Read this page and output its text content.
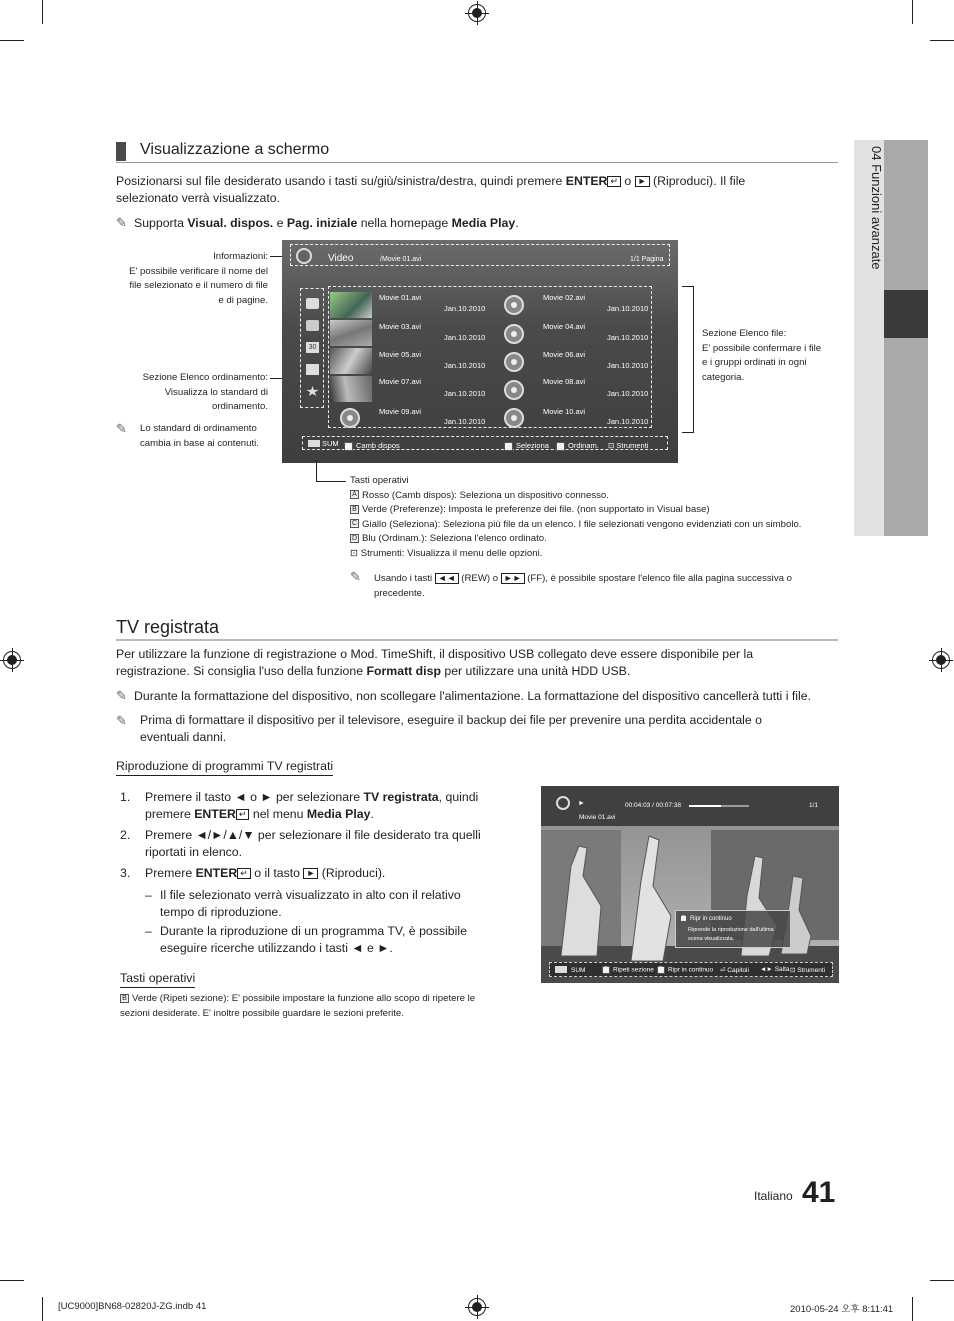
04 Funzioni avanzate
Visualizzazione a schermo
Posizionarsi sul file desiderato usando i tasti su/giù/sinistra/destra, quindi premere ENTER ↵ o ► (Riproduci). Il file
selezionato verrà visualizzato.
✎ Supporta Visual. dispos. e Pag. iniziale nella homepage Media Play.
Informazioni:
E' possibile verificare il nome del
file selezionato e il numero di file
e di pagine.
Sezione Elenco ordinamento:
Visualizza lo standard di
ordinamento.
✎	Lo standard di ordinamento
cambia in base ai contenuti.
Sezione Elenco file:
E' possibile confermare i file
e i gruppi ordinati in ogni
categoria.
Video	/Movie 01.avi	1/1 Pagina
30
Movie 01.avi
Jan.10.2010
Movie 02.avi
Jan.10.2010
Movie 03.avi
Jan.10.2010
Movie 04.avi
Jan.10.2010
Movie 05.avi
Jan.10.2010
Movie 06.avi
Jan.10.2010
Movie 07.avi
Jan.10.2010
Movie 08.avi
Jan.10.2010
Movie 09.avi
Jan.10.2010
Movie 10.avi
Jan.10.2010
SUM	A Camb dispos	C Seleziona D Ordinam. ⊡ Strumenti
Tasti operativi
A Rosso (Camb dispos): Seleziona un dispositivo connesso.
B Verde (Preferenze): Imposta le preferenze dei file. (non supportato in Visual base)
C Giallo (Seleziona): Seleziona più file da un elenco. I file selezionati vengono evidenziati con un simbolo.
D Blu (Ordinam.): Seleziona l'elenco ordinato.
⊡ Strumenti: Visualizza il menu delle opzioni.
✎	Usando i tasti ◄◄ (REW) o ►► (FF), è possibile spostare l'elenco file alla pagina successiva o
precedente.
TV registrata
Per utilizzare la funzione di registrazione o Mod. TimeShift, il dispositivo USB collegato deve essere disponibile per la
registrazione. Si consiglia l'uso della funzione Formatt disp per utilizzare una unità HDD USB.
✎ Durante la formattazione del dispositivo, non scollegare l'alimentazione. La formattazione del dispositivo cancellerà tutti i file.
✎	Prima di formattare il dispositivo per il televisore, eseguire il backup dei file per prevenire una perdita accidentale o
eventuali danni.
Riproduzione di programmi TV registrati
1. Premere il tasto ◄ o ► per selezionare TV registrata, quindi
premere ENTER ↵ nel menu Media Play.
2. Premere ◄/►/▲/▼ per selezionare il file desiderato tra quelli
riportati in elenco.
3. Premere ENTER ↵ o il tasto ► (Riproduci).
– Il file selezionato verrà visualizzato in alto con il relativo
tempo di riproduzione.
– Durante la riproduzione di un programma TV, è possibile
eseguire ricerche utilizzando i tasti ◄ e ►.
Tasti operativi
B Verde (Ripeti sezione): E' possibile impostare la funzione allo scopo di ripetere le
sezioni desiderate. E' inoltre possibile guardare le sezioni preferite.
►	00:04:03 / 00:07:38	1/1
Movie 01.avi
D Ripr in continuo
Riprende la riproduzione dall'ultima
scena visualizzata.
SUM	B Ripeti sezione D Ripr in continuo ⏎ Capitoli ◄► Salta ⊡ Strumenti
Italiano 41
[UC9000]BN68-02820J-ZG.indb 41	2010-05-24 오후 8:11:41
